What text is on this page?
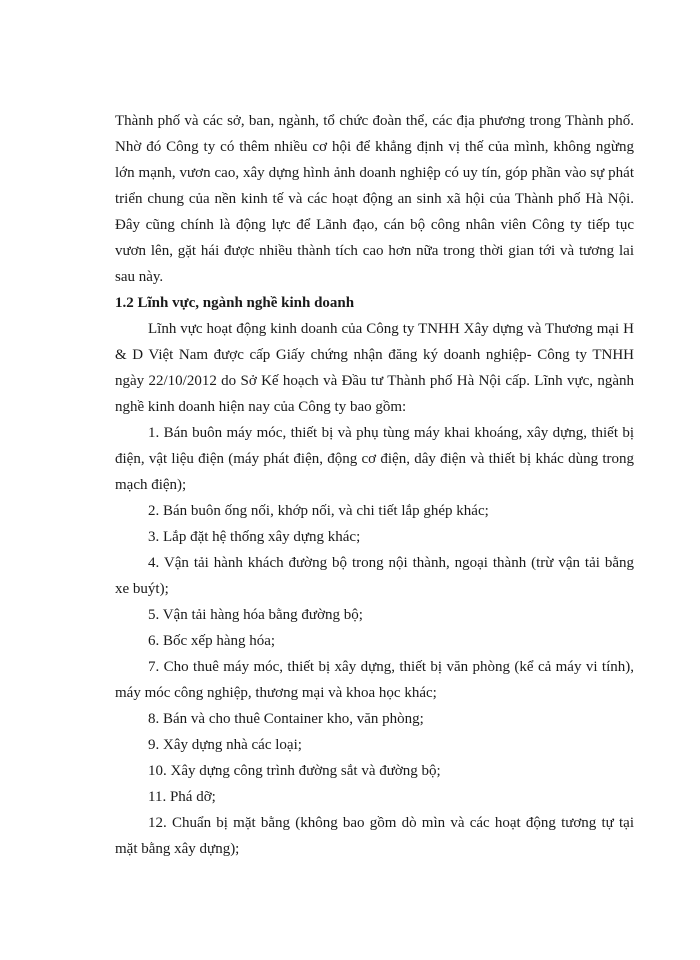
Thành phố và các sở, ban, ngành, tổ chức đoàn thể, các địa phương trong Thành phố. Nhờ đó Công ty có thêm nhiều cơ hội để khẳng định vị thế của mình, không ngừng lớn mạnh, vươn cao, xây dựng hình ảnh doanh nghiệp có uy tín, góp phần vào sự phát triển chung của nền kinh tế và các hoạt động an sinh xã hội của Thành phố Hà Nội. Đây cũng chính là động lực để Lãnh đạo, cán bộ công nhân viên Công ty tiếp tục vươn lên, gặt hái được nhiều thành tích cao hơn nữa trong thời gian tới và tương lai sau này.

1.2 Lĩnh vực, ngành nghề kinh doanh

Lĩnh vực hoạt động kinh doanh của Công ty TNHH Xây dựng và Thương mại H & D Việt Nam được cấp Giấy chứng nhận đăng ký doanh nghiệp- Công ty TNHH ngày 22/10/2012 do Sở Kế hoạch và Đầu tư Thành phố Hà Nội cấp. Lĩnh vực, ngành nghề kinh doanh hiện nay của Công ty bao gồm:

1. Bán buôn máy móc, thiết bị và phụ tùng máy khai khoáng, xây dựng, thiết bị điện, vật liệu điện (máy phát điện, động cơ điện, dây điện và thiết bị khác dùng trong mạch điện);

2. Bán buôn ống nối, khớp nối, và chi tiết lắp ghép khác;

3. Lắp đặt hệ thống xây dựng khác;

4. Vận tải hành khách đường bộ trong nội thành, ngoại thành (trừ vận tải bằng xe buýt);

5. Vận tải hàng hóa bằng đường bộ;

6. Bốc xếp hàng hóa;

7. Cho thuê máy móc, thiết bị xây dựng, thiết bị văn phòng (kể cả máy vi tính), máy móc công nghiệp, thương mại và khoa học khác;

8. Bán và cho thuê Container kho, văn phòng;

9. Xây dựng nhà các loại;

10. Xây dựng công trình đường sắt và đường bộ;

11. Phá dỡ;

12. Chuẩn bị mặt bằng (không bao gồm dò mìn và các hoạt động tương tự tại mặt bằng xây dựng);
